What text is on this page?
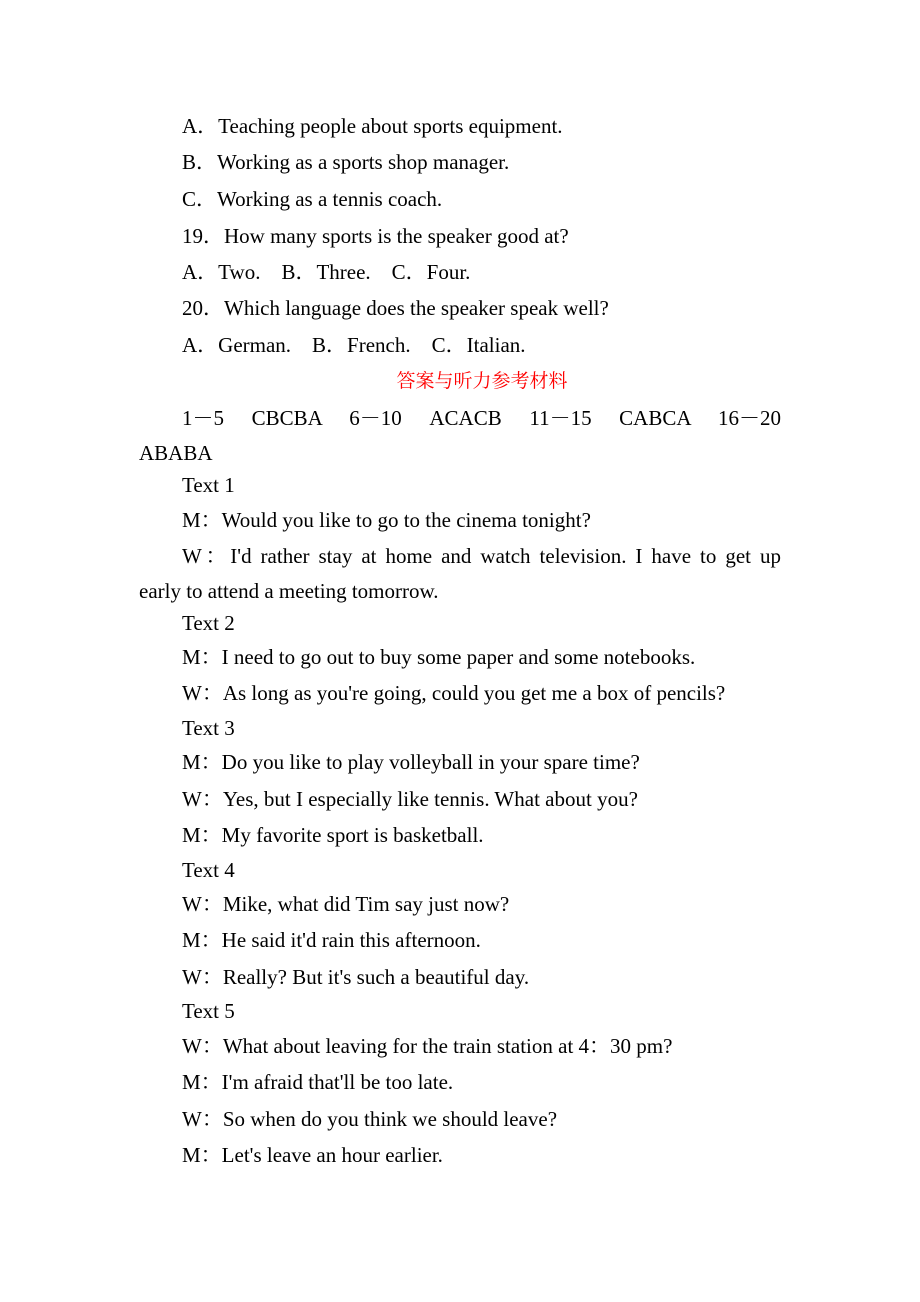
A．Teaching people about sports equipment.
B．Working as a sports shop manager.
C．Working as a tennis coach.
19．How many sports is the speaker good at?
A．Two.　B．Three.　C．Four.
20．Which language does the speaker speak well?
A．German.　B．French.　C．Italian.
答案与听力参考材料
1－5　CBCBA　6－10　ACACB　11－15　CABCA　16－20
ABABA
Text 1
M：Would you like to go to the cinema tonight?
W：I'd rather stay at home and watch television. I have to get up
early to attend a meeting tomorrow.
Text 2
M：I need to go out to buy some paper and some notebooks.
W：As long as you're going, could you get me a box of pencils?
Text 3
M：Do you like to play volleyball in your spare time?
W：Yes, but I especially like tennis. What about you?
M：My favorite sport is basketball.
Text 4
W：Mike, what did Tim say just now?
M：He said it'd rain this afternoon.
W：Really? But it's such a beautiful day.
Text 5
W：What about leaving for the train station at 4：30 pm?
M：I'm afraid that'll be too late.
W：So when do you think we should leave?
M：Let's leave an hour earlier.
